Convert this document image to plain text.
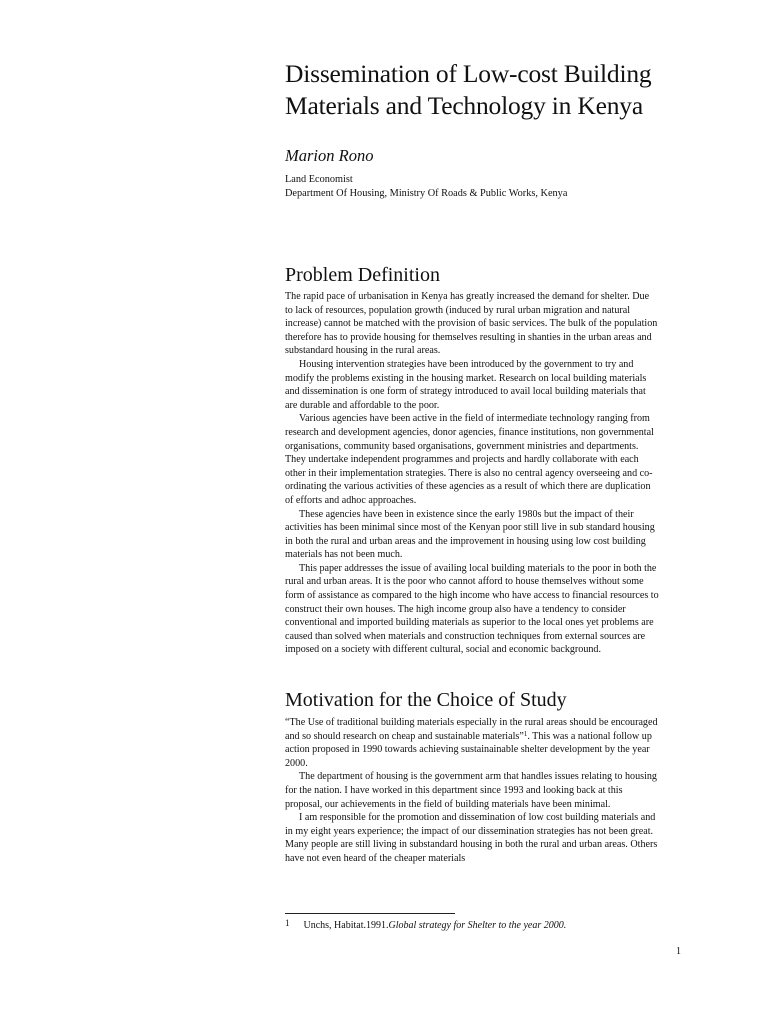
Dissemination of Low-cost Building
Materials and Technology in Kenya

Marion Rono

Land Economist
Department Of Housing, Ministry Of Roads & Public Works, Kenya
Problem Definition

The rapid pace of urbanisation in Kenya has greatly increased the demand for shelter. Due to lack of resources, population growth (induced by rural urban migration and natural increase) cannot be matched with the provision of basic services. The bulk of the population therefore has to provide housing for themselves resulting in shanties in the urban areas and substandard housing in the rural areas.

Housing intervention strategies have been introduced by the government to try and modify the problems existing in the housing market. Research on local building materials and dissemination is one form of strategy introduced to avail local building materials that are durable and affordable to the poor.

Various agencies have been active in the field of intermediate technology ranging from research and development agencies, donor agencies, finance institutions, non governmental organisations, community based organisations, government ministries and departments. They undertake independent programmes and projects and hardly collaborate with each other in their implementation strategies. There is also no central agency overseeing and co-ordinating the various activities of these agencies as a result of which there are duplication of efforts and adhoc approaches.

These agencies have been in existence since the early 1980s but the impact of their activities has been minimal since most of the Kenyan poor still live in sub standard housing in both the rural and urban areas and the improvement in housing using low cost building materials has not been much.

This paper addresses the issue of availing local building materials to the poor in both the rural and urban areas. It is the poor who cannot afford to house themselves without some form of assistance as compared to the high income who have access to financial resources to construct their own houses. The high income group also have a tendency to consider conventional and imported building materials as superior to the local ones yet problems are caused than solved when materials and construction techniques from external sources are imposed on a society with different cultural, social and economic background.

Motivation for the Choice of Study

“The Use of traditional building materials especially in the rural areas should be encouraged and so should research on cheap and sustainable materials”$^1$. This was a national follow up action proposed in 1990 towards achieving sustainainable shelter development by the year 2000.

The department of housing is the government arm that handles issues relating to housing for the nation. I have worked in this department since 1993 and looking back at this proposal, our achievements in the field of building materials have been minimal.

I am responsible for the promotion and dissemination of low cost building materials and in my eight years experience; the impact of our dissemination strategies has not been great. Many people are still living in substandard housing in both the rural and urban areas. Others have not even heard of the cheaper materials

1 Unchs, Habitat.1991.Global strategy for Shelter to the year 2000.
1
